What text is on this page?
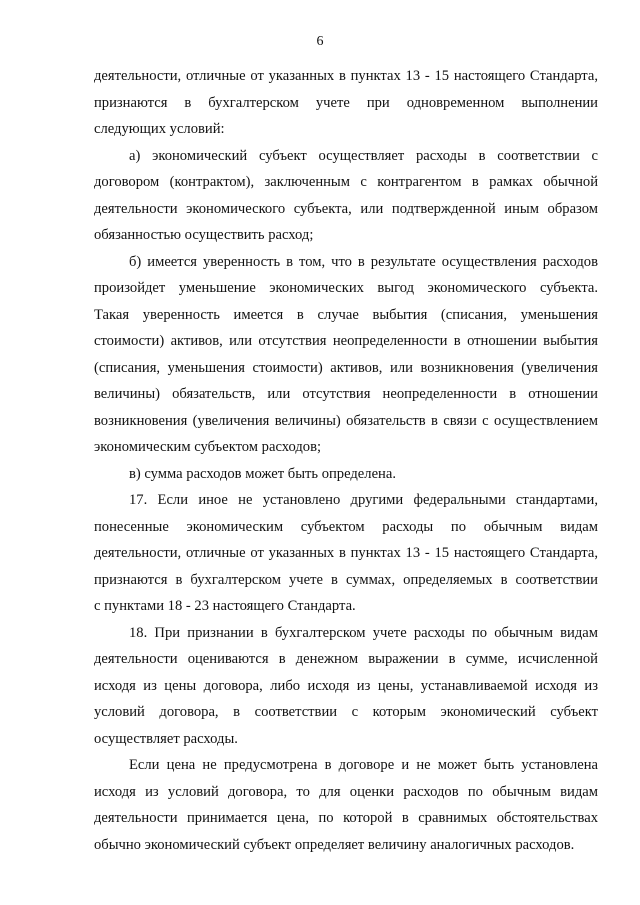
6

деятельности, отличные от указанных в пунктах 13 - 15 настоящего Стандарта,
признаются в бухгалтерском учете при одновременном выполнении
следующих условий:

а) экономический субъект осуществляет расходы в соответствии с
договором (контрактом), заключенным с контрагентом в рамках обычной
деятельности экономического субъекта, или подтвержденной иным образом
обязанностью осуществить расход;

б) имеется уверенность в том, что в результате осуществления расходов
произойдет уменьшение экономических выгод экономического субъекта.
Такая уверенность имеется в случае выбытия (списания, уменьшения
стоимости) активов, или отсутствия неопределенности в отношении выбытия
(списания, уменьшения стоимости) активов, или возникновения (увеличения
величины) обязательств, или отсутствия неопределенности в отношении
возникновения (увеличения величины) обязательств в связи с осуществлением
экономическим субъектом расходов;

в) сумма расходов может быть определена.

17. Если иное не установлено другими федеральными стандартами,
понесенные экономическим субъектом расходы по обычным видам
деятельности, отличные от указанных в пунктах 13 - 15 настоящего Стандарта,
признаются в бухгалтерском учете в суммах, определяемых в соответствии
с пунктами 18 - 23 настоящего Стандарта.

18. При признании в бухгалтерском учете расходы по обычным видам
деятельности оцениваются в денежном выражении в сумме, исчисленной
исходя из цены договора, либо исходя из цены, устанавливаемой исходя из
условий договора, в соответствии с которым экономический субъект
осуществляет расходы.

Если цена не предусмотрена в договоре и не может быть установлена
исходя из условий договора, то для оценки расходов по обычным видам
деятельности принимается цена, по которой в сравнимых обстоятельствах
обычно экономический субъект определяет величину аналогичных расходов.
